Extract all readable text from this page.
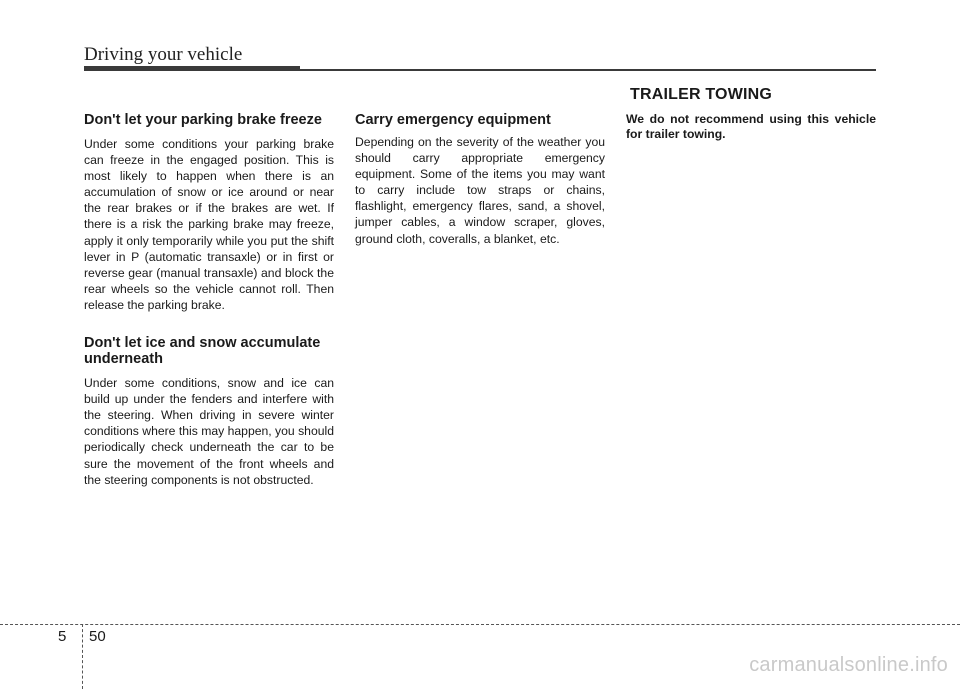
Driving your vehicle
Don't let your parking brake freeze

Under some conditions your parking brake can freeze in the engaged position. This is most likely to happen when there is an accumulation of snow or ice around or near the rear brakes or if the brakes are wet. If there is a risk the parking brake may freeze, apply it only temporarily while you put the shift lever in P (automatic transaxle) or in first or reverse gear (manual transaxle) and block the rear wheels so the vehicle cannot roll. Then release the parking brake.

Don't let ice and snow accumulate underneath

Under some conditions, snow and ice can build up under the fenders and interfere with the steering. When driving in severe winter conditions where this may happen, you should periodically check underneath the car to be sure the movement of the front wheels and the steering components is not obstructed.

Carry emergency equipment

Depending on the severity of the weather you should carry appropriate emergency equipment. Some of the items you may want to carry include tow straps or chains, flashlight, emergency flares, sand, a shovel, jumper cables, a window scraper, gloves, ground cloth, coveralls, a blanket, etc.

TRAILER TOWING

We do not recommend using this vehicle for trailer towing.

5 50
carmanualsonline.info
